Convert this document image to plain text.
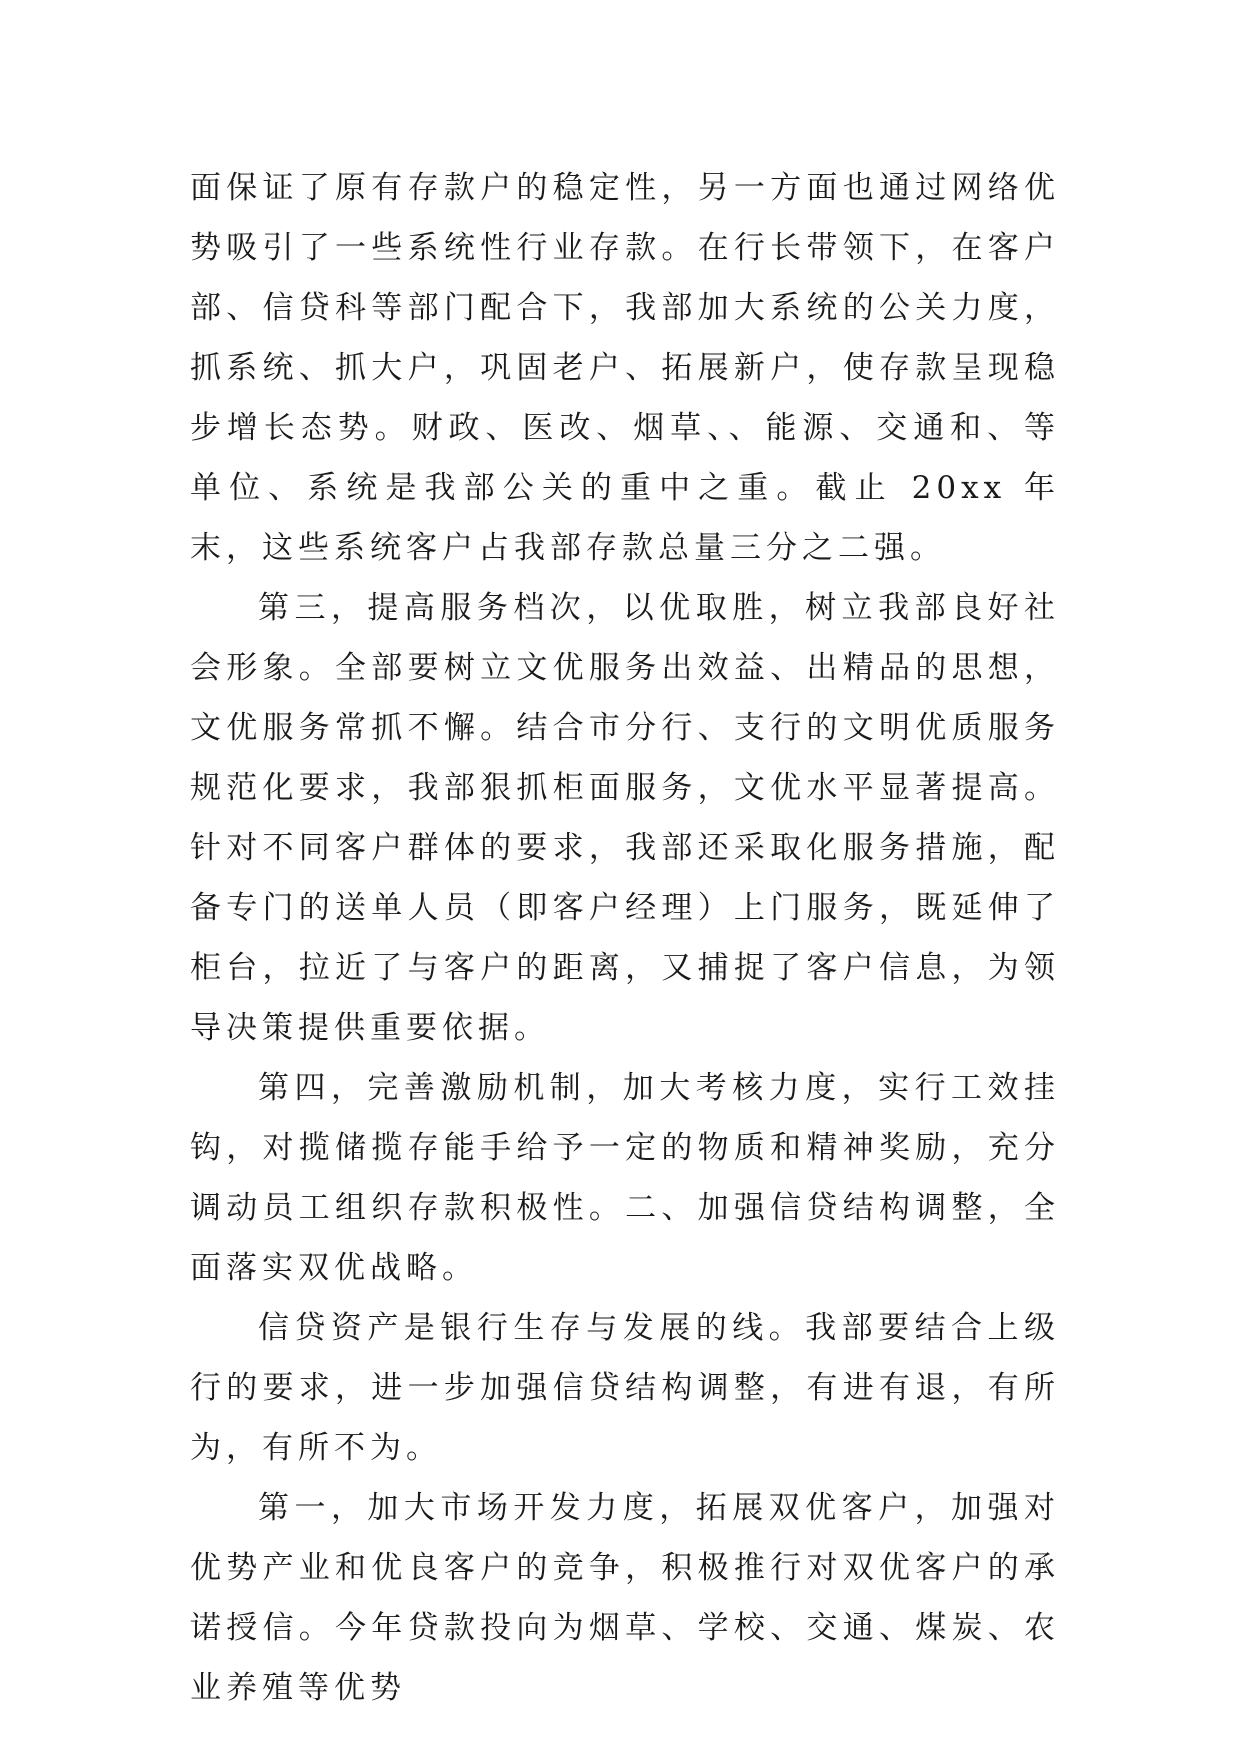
面保证了原有存款户的稳定性，另一方面也通过网络优势吸引了一些系统性行业存款。在行长带领下，在客户部、信贷科等部门配合下，我部加大系统的公关力度，抓系统、抓大户，巩固老户、拓展新户，使存款呈现稳步增长态势。财政、医改、烟草、、能源、交通和、等单位、系统是我部公关的重中之重。截止 20xx 年末，这些系统客户占我部存款总量三分之二强。

第三，提高服务档次，以优取胜，树立我部良好社会形象。全部要树立文优服务出效益、出精品的思想，文优服务常抓不懈。结合市分行、支行的文明优质服务规范化要求，我部狠抓柜面服务，文优水平显著提高。针对不同客户群体的要求，我部还采取化服务措施，配备专门的送单人员（即客户经理）上门服务，既延伸了柜台，拉近了与客户的距离，又捕捉了客户信息，为领导决策提供重要依据。

第四，完善激励机制，加大考核力度，实行工效挂钩，对揽储揽存能手给予一定的物质和精神奖励，充分调动员工组织存款积极性。二、加强信贷结构调整，全面落实双优战略。

信贷资产是银行生存与发展的线。我部要结合上级行的要求，进一步加强信贷结构调整，有进有退，有所为，有所不为。

第一，加大市场开发力度，拓展双优客户，加强对优势产业和优良客户的竞争，积极推行对双优客户的承诺授信。今年贷款投向为烟草、学校、交通、煤炭、农业养殖等优势
